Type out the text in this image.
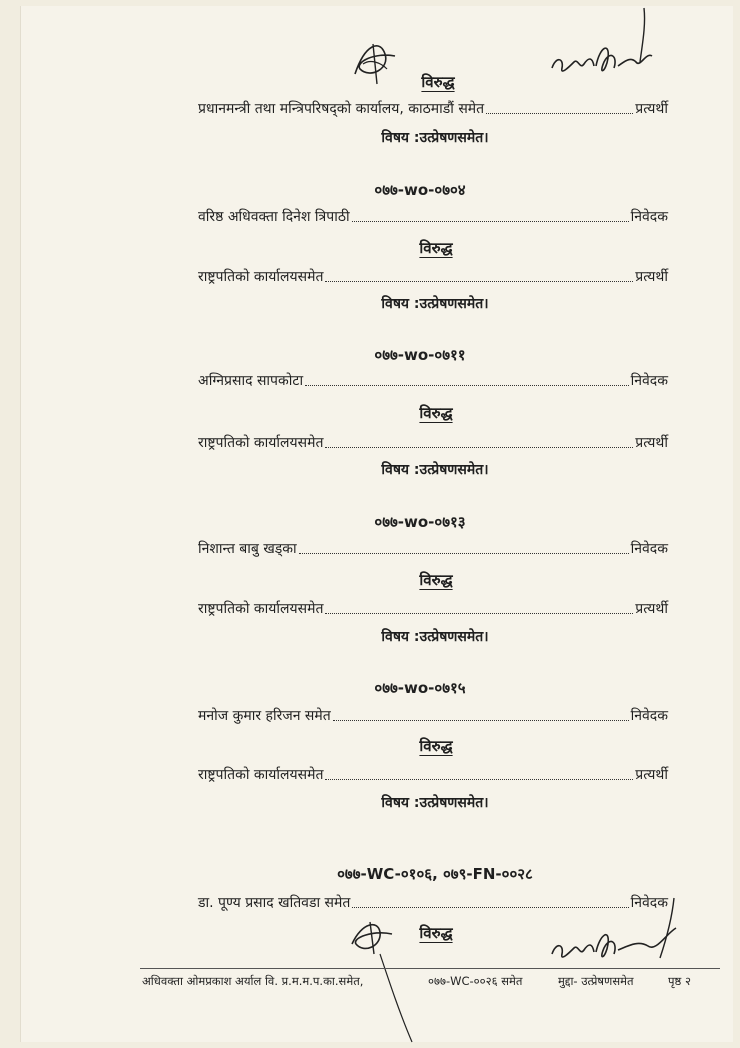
विरुद्ध
प्रधानमन्त्री तथा मन्त्रिपरिषद्‌को कार्यालय, काठमाडौं समेत	प्रत्यर्थी
विषय :उत्प्रेषणसमेत।
०७७-wo-०७०४
वरिष्ठ अधिवक्ता दिनेश त्रिपाठी	निवेदक
विरुद्ध
राष्ट्रपतिको कार्यालयसमेत	प्रत्यर्थी
विषय :उत्प्रेषणसमेत।
०७७-wo-०७११
अग्निप्रसाद सापकोटा	निवेदक
विरुद्ध
राष्ट्रपतिको कार्यालयसमेत	प्रत्यर्थी
विषय :उत्प्रेषणसमेत।
०७७-wo-०७१३
निशान्त बाबु खड्का	निवेदक
विरुद्ध
राष्ट्रपतिको कार्यालयसमेत	प्रत्यर्थी
विषय :उत्प्रेषणसमेत।
०७७-wo-०७१५
मनोज कुमार हरिजन समेत	निवेदक
विरुद्ध
राष्ट्रपतिको कार्यालयसमेत	प्रत्यर्थी
विषय :उत्प्रेषणसमेत।
०७७-WC-०१०६, ०७९-FN-००२८
डा. पूण्य प्रसाद खतिवडा समेत	निवेदक
विरुद्ध
अधिवक्ता ओमप्रकाश अर्याल वि. प्र.म.म.प.का.समेत,	०७७-WC-००२६ समेत	मुद्दा- उत्प्रेषणसमेत	पृष्ठ २
